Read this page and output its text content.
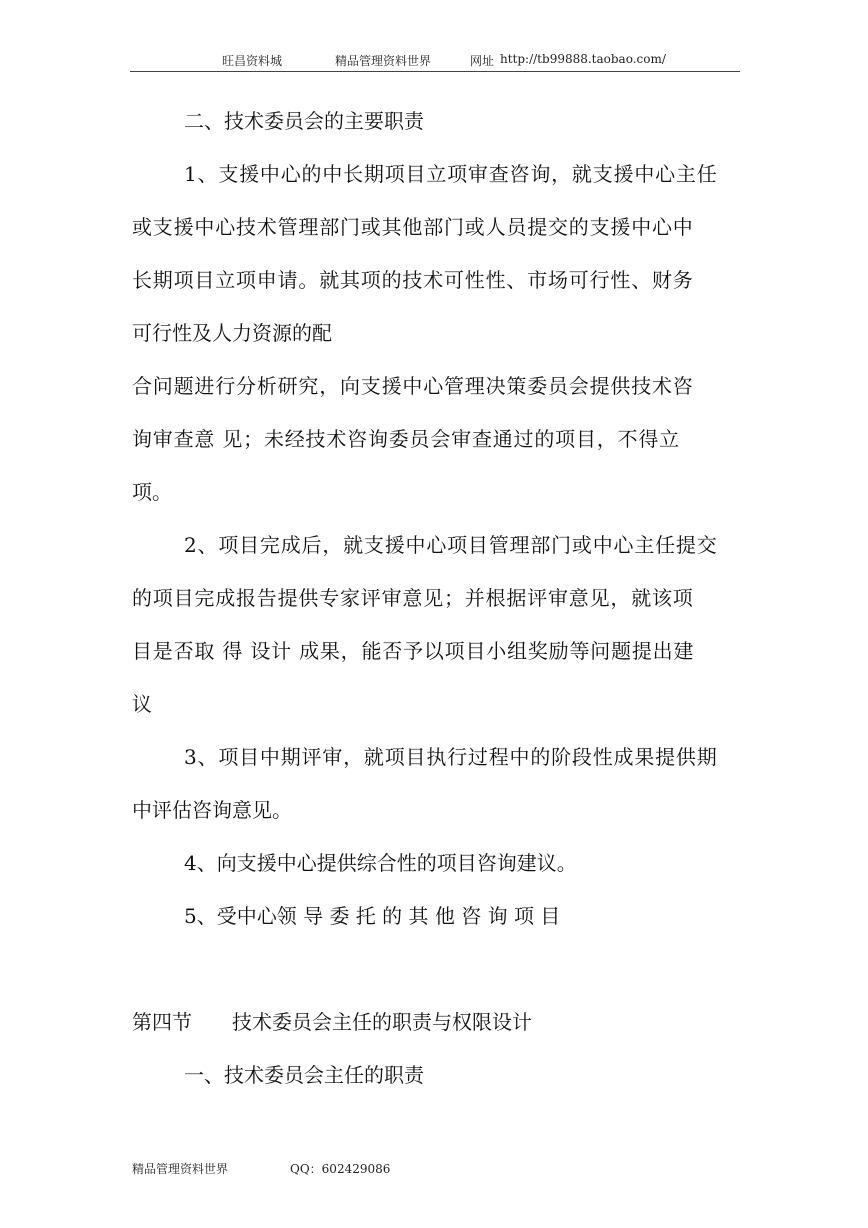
旺昌资料城	精品管理资料世界	网址 http://tb99888.taobao.com/
二、技术委员会的主要职责
1、支援中心的中长期项目立项审查咨询，就支援中心主任
或支援中心技术管理部门或其他部门或人员提交的支援中心中
长期项目立项申请。就其项的技术可性性、市场可行性、财务
可行性及人力资源的配
合问题进行分析研究，向支援中心管理决策委员会提供技术咨
询审查意 见；未经技术咨询委员会审查通过的项目，不得立
项。
2、项目完成后，就支援中心项目管理部门或中心主任提交
的项目完成报告提供专家评审意见；并根据评审意见，就该项
目是否取 得 设计 成果，能否予以项目小组奖励等问题提出建
议
3、项目中期评审，就项目执行过程中的阶段性成果提供期
中评估咨询意见。
4、向支援中心提供综合性的项目咨询建议。
5、受中心领 导 委 托 的 其 他 咨 询 项 目
第四节　　技术委员会主任的职责与权限设计
一、技术委员会主任的职责
精品管理资料世界	QQ：602429086
